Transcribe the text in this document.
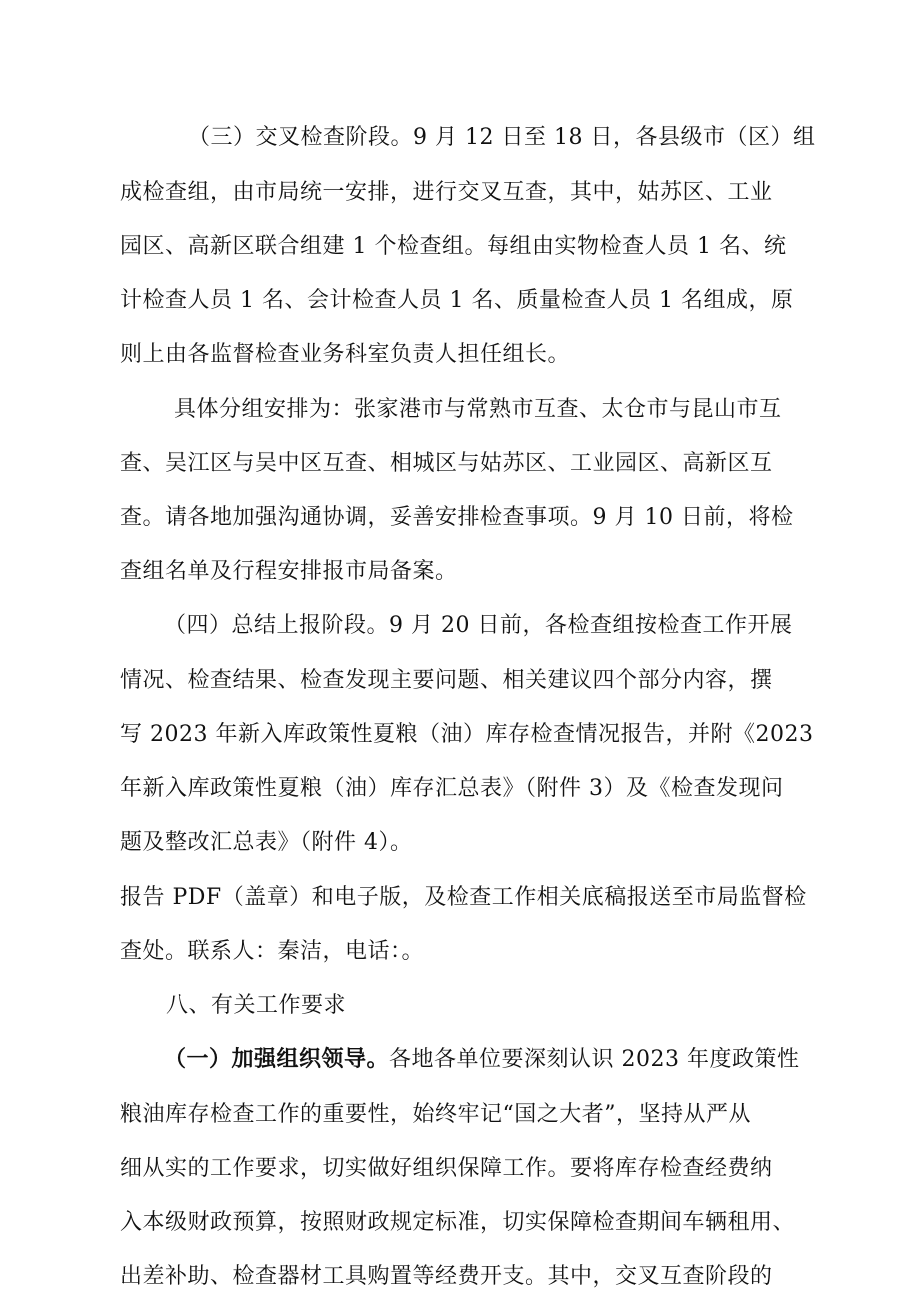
（三）交叉检查阶段。9 月 12 日至 18 日，各县级市（区）组
成检查组，由市局统一安排，进行交叉互查，其中，姑苏区、工业
园区、高新区联合组建 1 个检查组。每组由实物检查人员 1 名、统
计检查人员 1 名、会计检查人员 1 名、质量检查人员 1 名组成，原
则上由各监督检查业务科室负责人担任组长。
具体分组安排为：张家港市与常熟市互查、太仓市与昆山市互
查、吴江区与吴中区互查、相城区与姑苏区、工业园区、高新区互
查。请各地加强沟通协调，妥善安排检查事项。9 月 10 日前，将检
查组名单及行程安排报市局备案。
（四）总结上报阶段。9 月 20 日前，各检查组按检查工作开展
情况、检查结果、检查发现主要问题、相关建议四个部分内容，撰
写 2023 年新入库政策性夏粮（油）库存检查情况报告，并附《2023
年新入库政策性夏粮（油）库存汇总表》（附件 3）及《检查发现问
题及整改汇总表》（附件 4）。
报告 PDF（盖章）和电子版，及检查工作相关底稿报送至市局监督检
查处。联系人：秦洁，电话：。
八、有关工作要求
（一）加强组织领导。各地各单位要深刻认识 2023 年度政策性
粮油库存检查工作的重要性，始终牢记“国之大者”，坚持从严从
细从实的工作要求，切实做好组织保障工作。要将库存检查经费纳
入本级财政预算，按照财政规定标准，切实保障检查期间车辆租用、
出差补助、检查器材工具购置等经费开支。其中，交叉互查阶段的
